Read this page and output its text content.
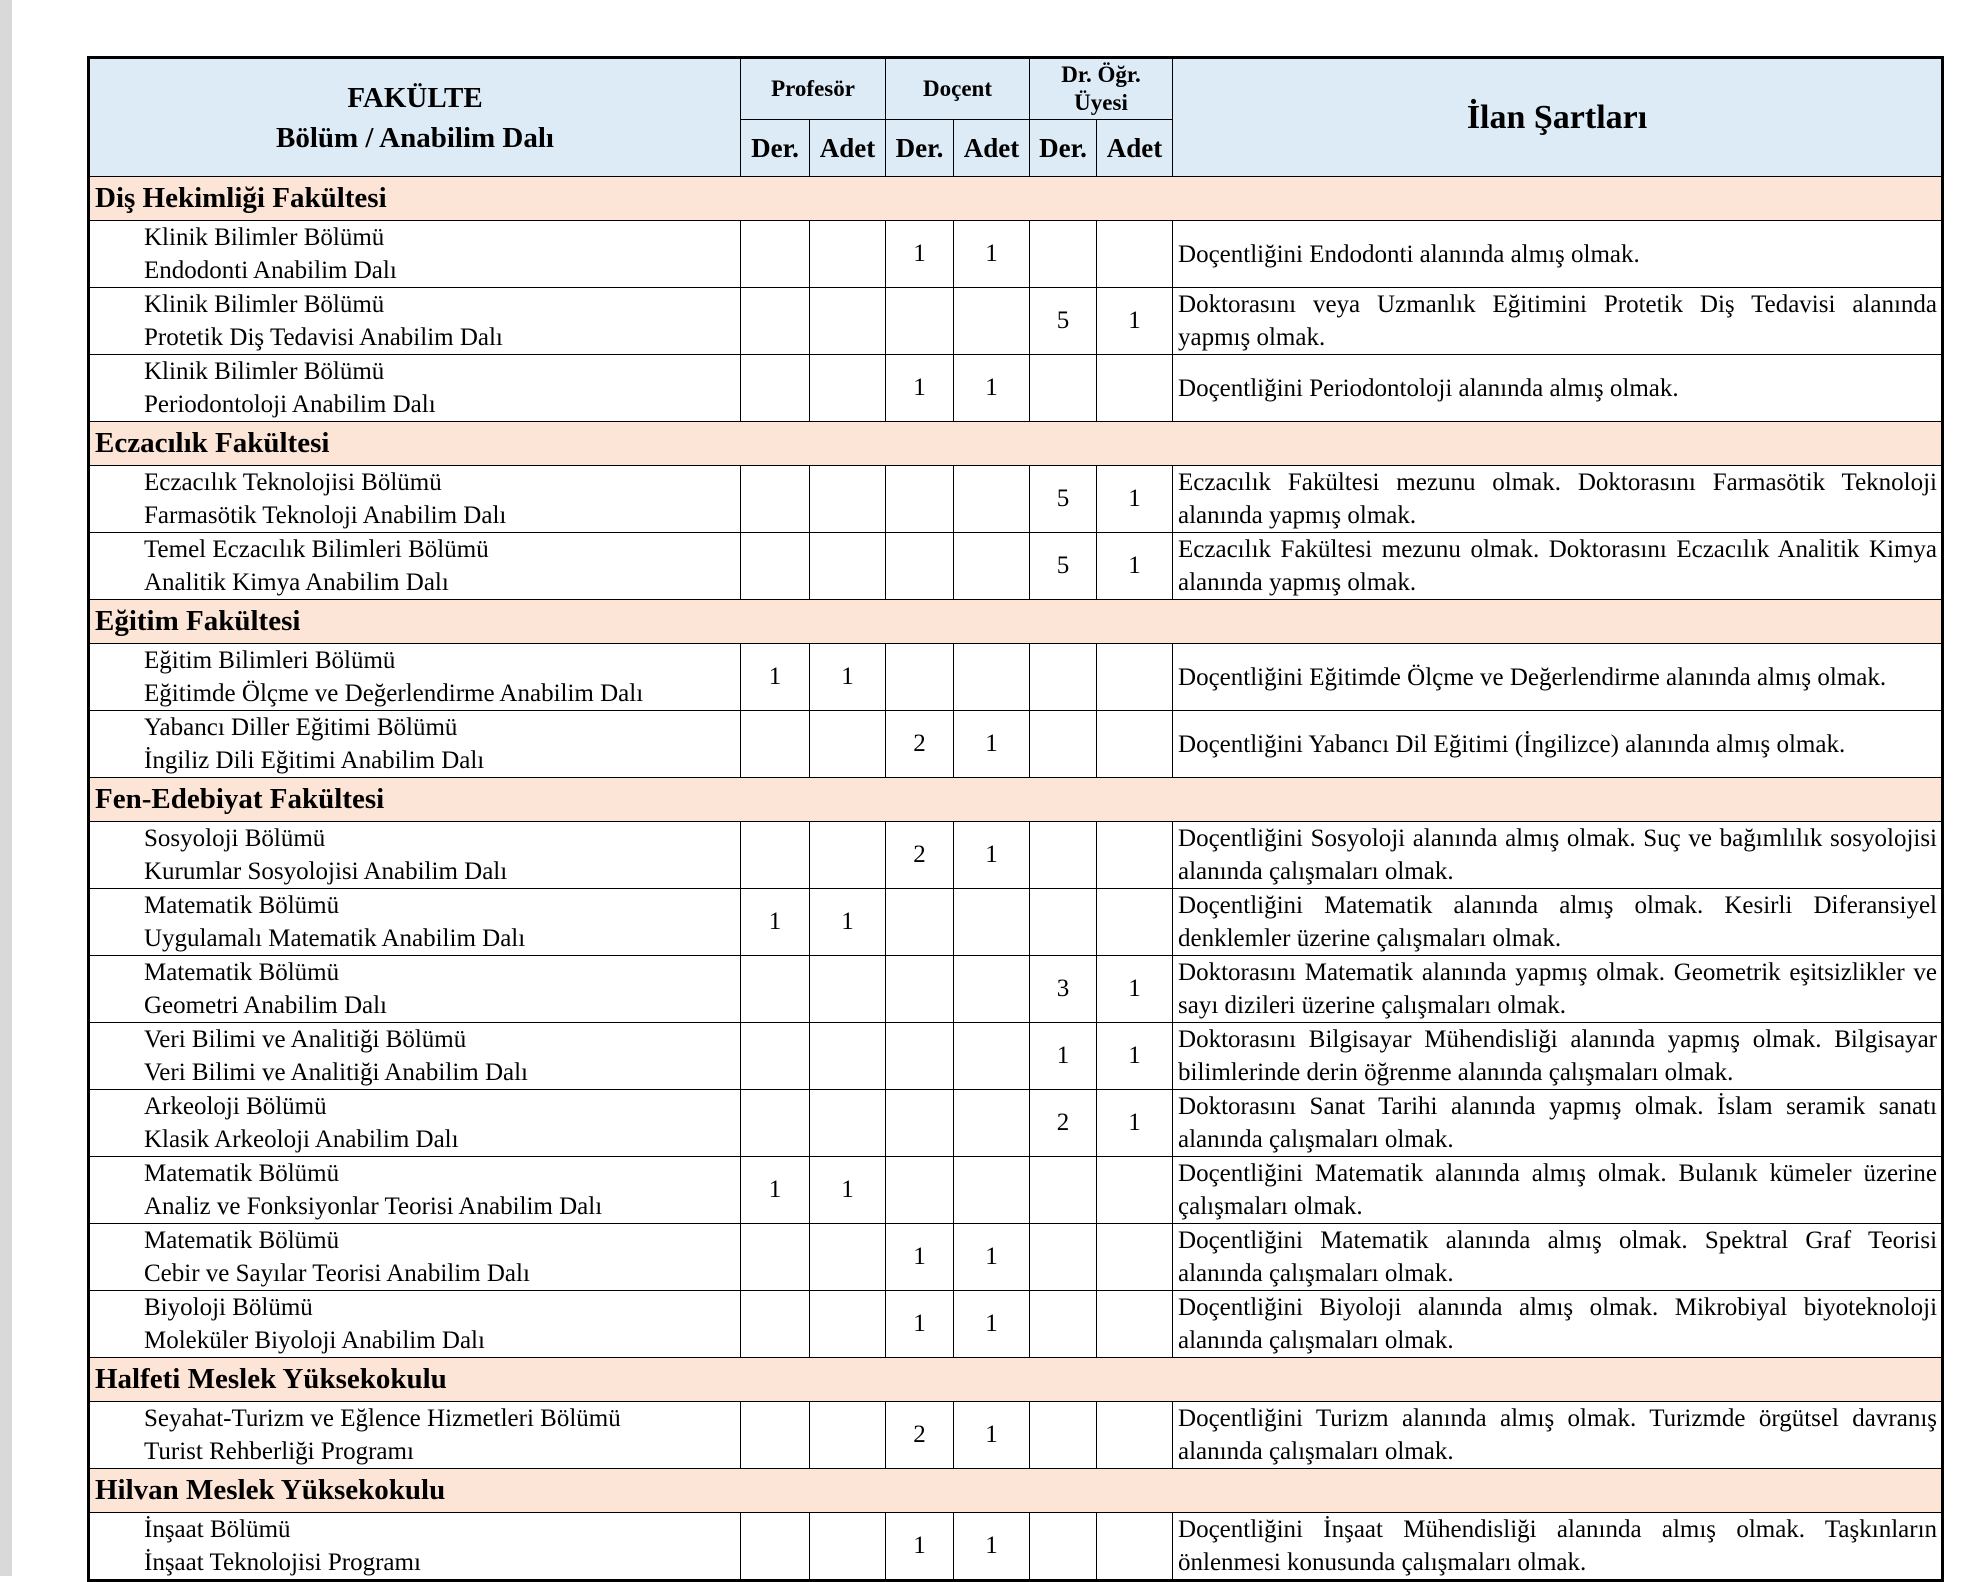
FAKÜLTE
Bölüm / Anabilim Dalı	Profesör		Doçent		Dr. Öğr. Üyesi		İlan Şartları
	Der.	Adet	Der.	Adet	Der.	Adet	
Diş Hekimliği Fakültesi							

Klinik Bilimler Bölümü
Endodonti Anabilim Dalı			1	1			Doçentliğini Endodonti alanında almış olmak.

Klinik Bilimler Bölümü
Protetik Diş Tedavisi Anabilim Dalı					5	1	Doktorasını veya Uzmanlık Eğitimini Protetik Diş Tedavisi alanında yapmış olmak.

Klinik Bilimler Bölümü
Periodontoloji Anabilim Dalı			1	1			Doçentliğini Periodontoloji alanında almış olmak.
Eczacılık Fakültesi							

Eczacılık Teknolojisi Bölümü
Farmasötik Teknoloji Anabilim Dalı					5	1	Eczacılık Fakültesi mezunu olmak. Doktorasını Farmasötik Teknoloji alanında yapmış olmak.

Temel Eczacılık Bilimleri Bölümü
Analitik Kimya Anabilim Dalı					5	1	Eczacılık Fakültesi mezunu olmak. Doktorasını Eczacılık Analitik Kimya alanında yapmış olmak.
Eğitim Fakültesi							

Eğitim Bilimleri Bölümü
Eğitimde Ölçme ve Değerlendirme Anabilim Dalı	1	1					Doçentliğini Eğitimde Ölçme ve Değerlendirme alanında almış olmak.

Yabancı Diller Eğitimi Bölümü
İngiliz Dili Eğitimi Anabilim Dalı			2	1			Doçentliğini Yabancı Dil Eğitimi (İngilizce) alanında almış olmak.
Fen-Edebiyat Fakültesi							

Sosyoloji Bölümü
Kurumlar Sosyolojisi Anabilim Dalı			2	1			Doçentliğini Sosyoloji alanında almış olmak. Suç ve bağımlılık sosyolojisi alanında çalışmaları olmak.

Matematik Bölümü
Uygulamalı Matematik Anabilim Dalı	1	1					Doçentliğini Matematik alanında almış olmak. Kesirli Diferansiyel denklemler üzerine çalışmaları olmak.

Matematik Bölümü
Geometri Anabilim Dalı					3	1	Doktorasını Matematik alanında yapmış olmak. Geometrik eşitsizlikler ve sayı dizileri üzerine çalışmaları olmak.

Veri Bilimi ve Analitiği Bölümü
Veri Bilimi ve Analitiği Anabilim Dalı					1	1	Doktorasını Bilgisayar Mühendisliği alanında yapmış olmak. Bilgisayar bilimlerinde derin öğrenme alanında çalışmaları olmak.

Arkeoloji Bölümü
Klasik Arkeoloji Anabilim Dalı					2	1	Doktorasını Sanat Tarihi alanında yapmış olmak. İslam seramik sanatı alanında çalışmaları olmak.

Matematik Bölümü
Analiz ve Fonksiyonlar Teorisi Anabilim Dalı	1	1					Doçentliğini Matematik alanında almış olmak. Bulanık kümeler üzerine çalışmaları olmak.

Matematik Bölümü
Cebir ve Sayılar Teorisi Anabilim Dalı			1	1			Doçentliğini Matematik alanında almış olmak. Spektral Graf Teorisi alanında çalışmaları olmak.

Biyoloji Bölümü
Moleküler Biyoloji Anabilim Dalı			1	1			Doçentliğini Biyoloji alanında almış olmak. Mikrobiyal biyoteknoloji alanında çalışmaları olmak.
Halfeti Meslek Yüksekokulu							

Seyahat-Turizm ve Eğlence Hizmetleri Bölümü
Turist Rehberliği Programı			2	1			Doçentliğini Turizm alanında almış olmak. Turizmde örgütsel davranış alanında çalışmaları olmak.
Hilvan Meslek Yüksekokulu							

İnşaat Bölümü
İnşaat Teknolojisi Programı			1	1			Doçentliğini İnşaat Mühendisliği alanında almış olmak. Taşkınların önlenmesi konusunda çalışmaları olmak.
